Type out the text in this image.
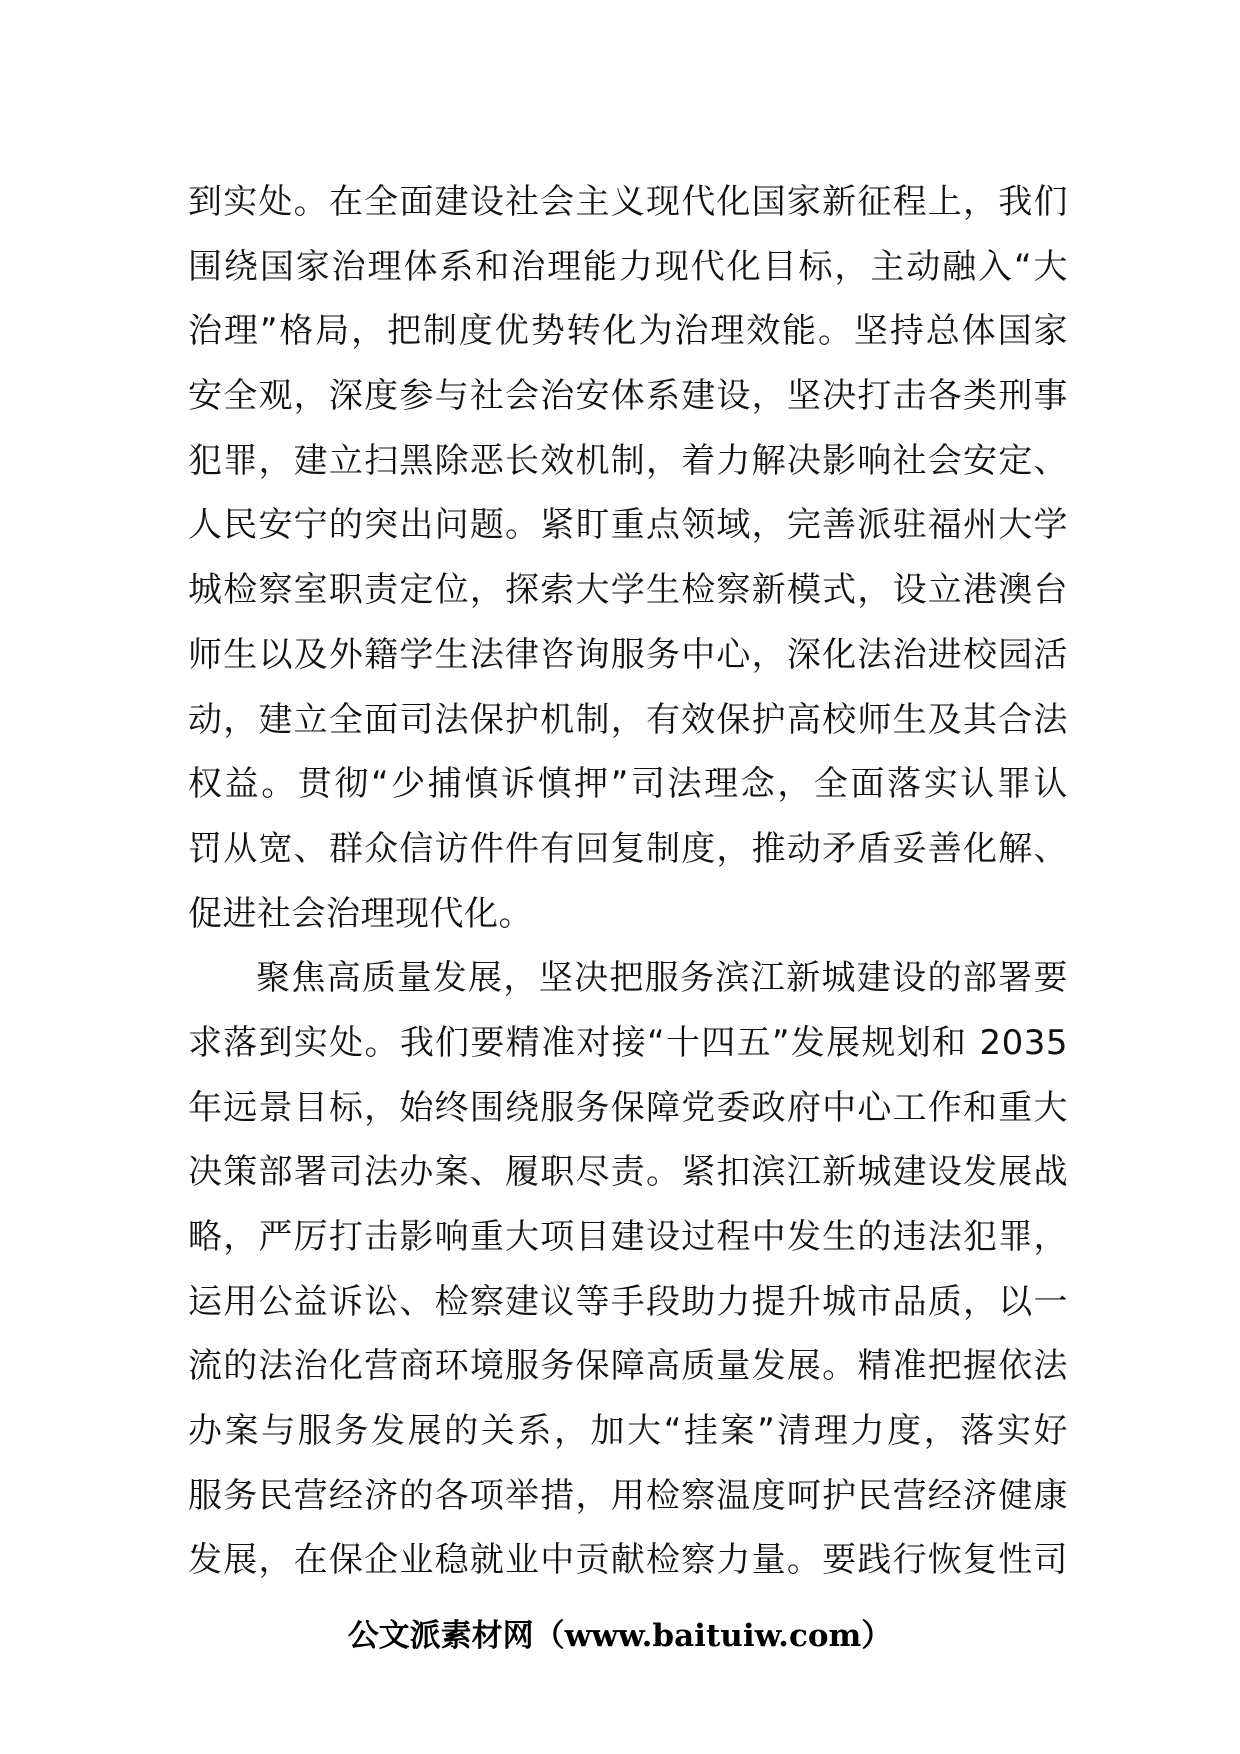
到实处。在全面建设社会主义现代化国家新征程上，我们
围绕国家治理体系和治理能力现代化目标，主动融入“大
治理”格局，把制度优势转化为治理效能。坚持总体国家
安全观，深度参与社会治安体系建设，坚决打击各类刑事
犯罪，建立扫黑除恶长效机制，着力解决影响社会安定、
人民安宁的突出问题。紧盯重点领域，完善派驻福州大学
城检察室职责定位，探索大学生检察新模式，设立港澳台
师生以及外籍学生法律咨询服务中心，深化法治进校园活
动，建立全面司法保护机制，有效保护高校师生及其合法
权益。贯彻“少捕慎诉慎押”司法理念，全面落实认罪认
罚从宽、群众信访件件有回复制度，推动矛盾妥善化解、
促进社会治理现代化。
聚焦高质量发展，坚决把服务滨江新城建设的部署要
求落到实处。我们要精准对接“十四五”发展规划和 2035
年远景目标，始终围绕服务保障党委政府中心工作和重大
决策部署司法办案、履职尽责。紧扣滨江新城建设发展战
略，严厉打击影响重大项目建设过程中发生的违法犯罪，
运用公益诉讼、检察建议等手段助力提升城市品质，以一
流的法治化营商环境服务保障高质量发展。精准把握依法
办案与服务发展的关系，加大“挂案”清理力度，落实好
服务民营经济的各项举措，用检察温度呵护民营经济健康
发展，在保企业稳就业中贡献检察力量。要践行恢复性司
公文派素材网（www.baituiw.com）
